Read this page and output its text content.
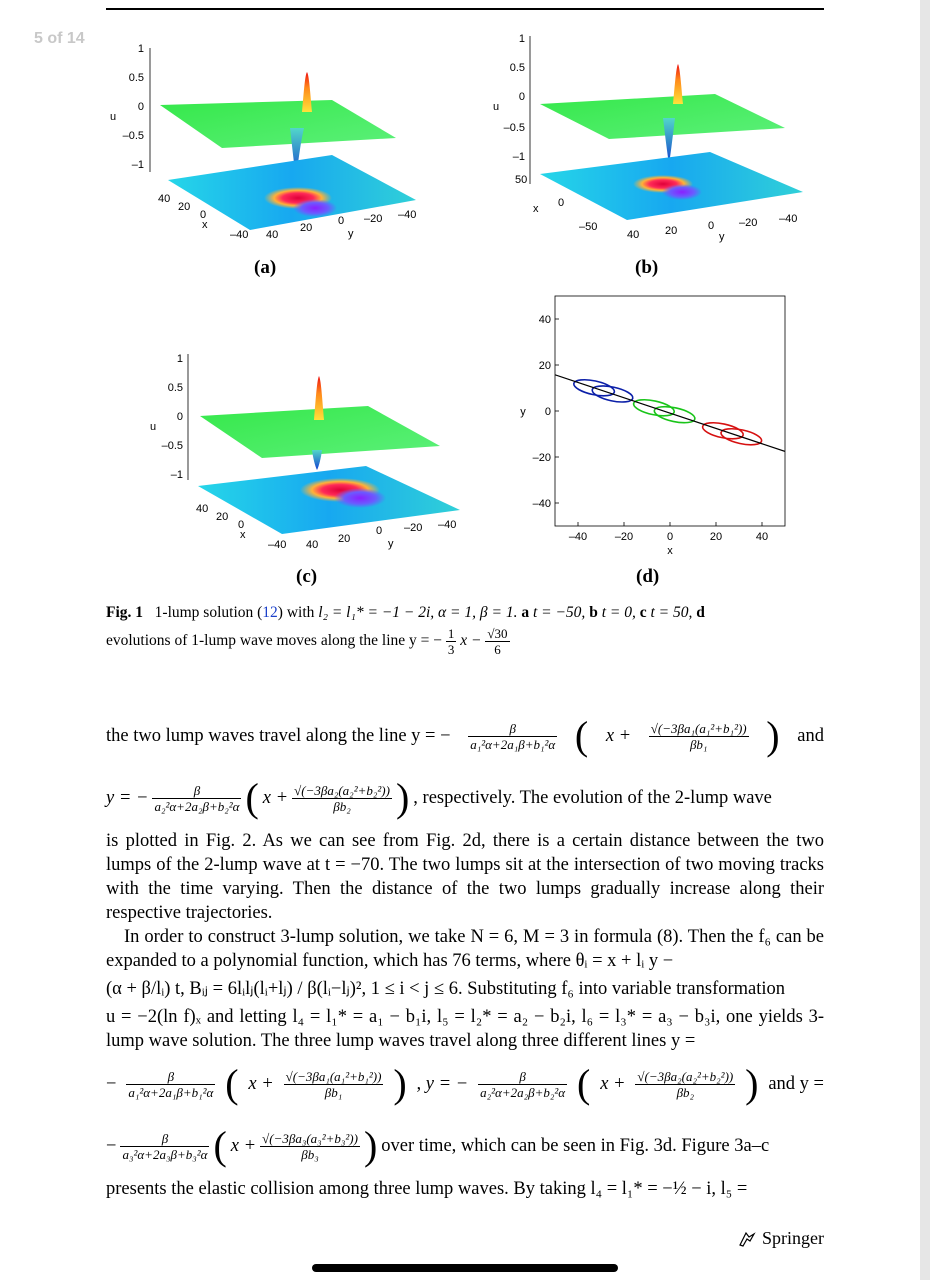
5 of 14
1
0.5
0
–0.5
–1
u
40
20
0
x
–40 40
20
0
y
–20 –40
(a)
1
0.5
0
–0.5
–1
u
50
0
x
–50
40 20	0
y
–20 –40
(b)
1
0.5
0
–0.5
–1
u
40
20
0
x
–40 40 20
0
y
–20 –40
(c)
–40	–20	0	20	40
40
20
0
–20
–40
x
y
(d)
Fig. 1 1-lump solution (12) with l₂ = l₁* = −1 − 2i, α = 1, β = 1. a t = −50, b t = 0, c t = 50, d
evolutions of 1-lump wave moves along the line y = − $\frac{1}{3}$ $x - \frac{√30}{6}$
the two lump waves travel along the line y = − $\frac{\beta}{\text{a₁²α+2a₁β+b₁²α}}$ ( $x + \frac{\text{√(−3βa₁(a₁²+b₁²))}}{\text{βb₁}}$ ) and
y = − $\frac{\beta}{\text{a₂²α+2a₂β+b₂²α}}$ ( $x + \frac{\text{√(−3βa₂(a₂²+b₂²))}}{\text{βb₂}}$ ) , respectively. The evolution of the 2-lump wave
is plotted in Fig. 2. As we can see from Fig. 2d, there is a certain distance between the two lumps of the 2-lump wave at t = −70. The two lumps sit at the intersection of two moving tracks with the time varying. Then the distance of the two lumps gradually increase along their respective trajectories.
In order to construct 3-lump solution, we take N = 6, M = 3 in formula (8). Then the f₆ can be expanded to a polynomial function, which has 76 terms, where θᵢ = x + lᵢ y −
(α + β/lᵢ) t, Bᵢⱼ = 6lᵢlⱼ(lᵢ+lⱼ) / β(lᵢ−lⱼ)², 1 ≤ i < j ≤ 6. Substituting f₆ into variable transformation
u = −2(ln f)ₓ and letting l₄ = l₁* = a₁ − b₁i, l₅ = l₂* = a₂ − b₂i, l₆ = l₃* = a₃ − b₃i, one yields 3-lump wave solution. The three lump waves travel along three different lines y =
− $\frac{\beta}{\text{a₁²α+2a₁β+b₁²α}}$ ( $x + \frac{\text{√(−3βa₁(a₁²+b₁²))}}{\text{βb₁}}$ ) , y = − $\frac{\beta}{\text{a₂²α+2a₂β+b₂²α}}$ ( $x + \frac{\text{√(−3βa₂(a₂²+b₂²))}}{\text{βb₂}}$ ) and y =
− $\frac{\beta}{\text{a₃²α+2a₃β+b₃²α}}$ ( $x + \frac{\text{√(−3βa₃(a₃²+b₃²))}}{\text{βb₃}}$ ) over time, which can be seen in Fig. 3d. Figure 3a–c
presents the elastic collision among three lump waves. By taking l₄ = l₁* = −½ − i, l₅ =
Springer
